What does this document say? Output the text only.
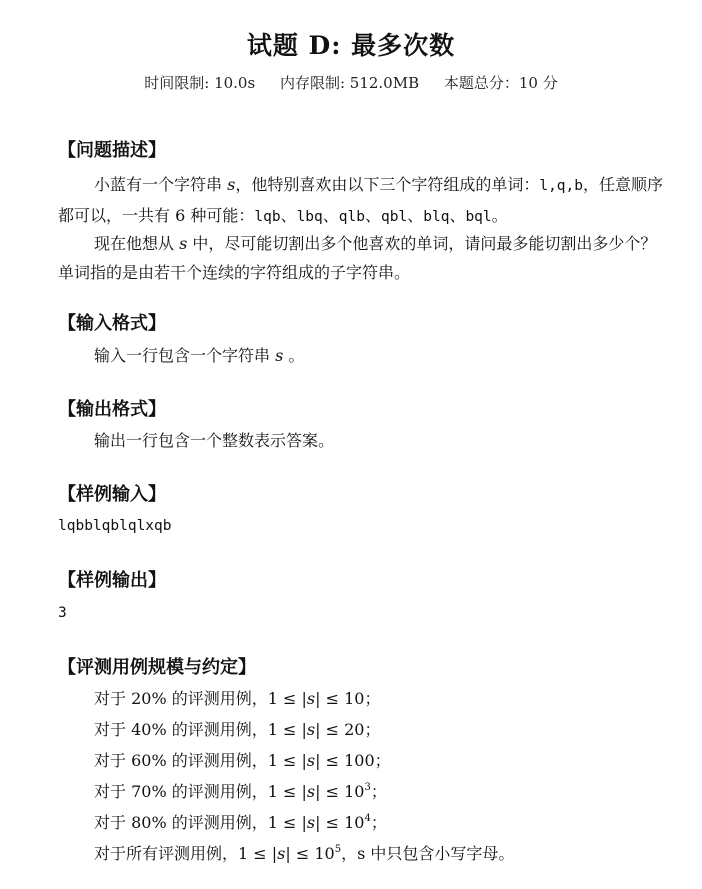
试题 D: 最多次数
时间限制: 10.0s 内存限制: 512.0MB 本题总分：10 分
【问题描述】
小蓝有一个字符串 s，他特别喜欢由以下三个字符组成的单词：l,q,b，任意顺序都可以，一共有 6 种可能：lqb、lbq、qlb、qbl、blq、bql。
现在他想从 s 中，尽可能切割出多个他喜欢的单词，请问最多能切割出多少个？单词指的是由若干个连续的字符组成的子字符串。
【输入格式】
输入一行包含一个字符串 s 。
【输出格式】
输出一行包含一个整数表示答案。
【样例输入】
lqbblqblqlxqb
【样例输出】
3
【评测用例规模与约定】
对于 20% 的评测用例，1 ≤ |s| ≤ 10；
对于 40% 的评测用例，1 ≤ |s| ≤ 20；
对于 60% 的评测用例，1 ≤ |s| ≤ 100；
对于 70% 的评测用例，$1 \le |s| \le 10^3$；
对于 80% 的评测用例，$1 \le |s| \le 10^4$；
对于所有评测用例，$1 \le |s| \le 10^5$，s 中只包含小写字母。
